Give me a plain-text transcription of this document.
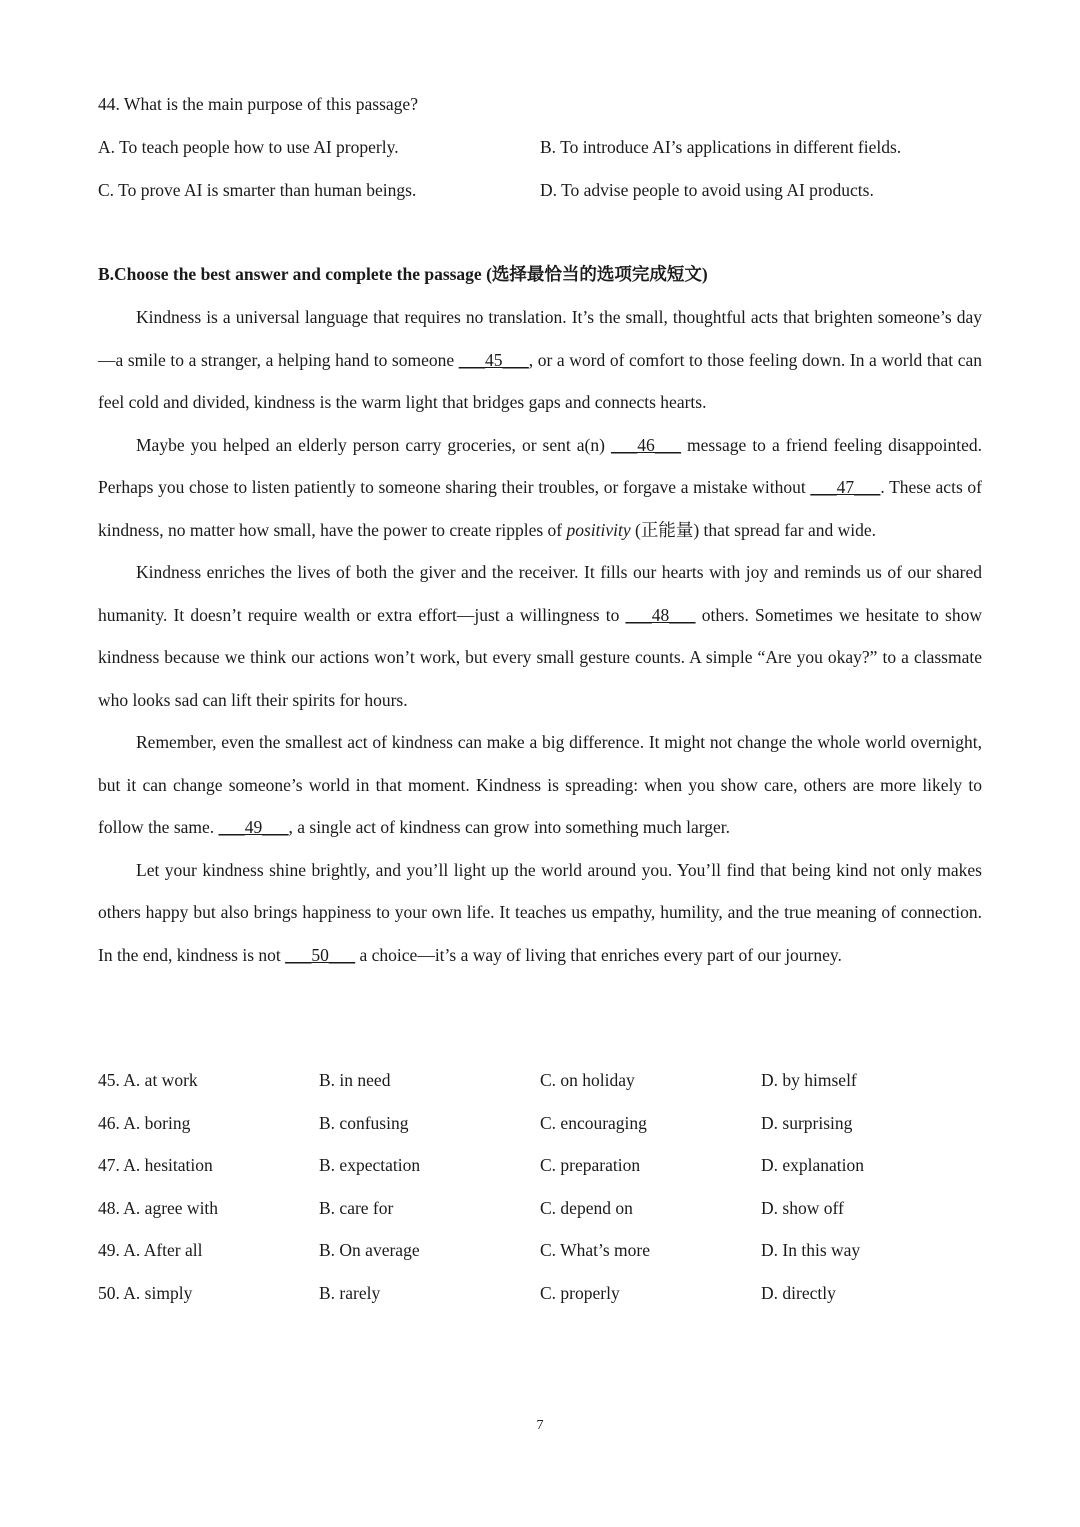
44. What is the main purpose of this passage?
A. To teach people how to use AI properly.	B. To introduce AI’s applications in different fields.
C. To prove AI is smarter than human beings.	D. To advise people to avoid using AI products.
B.Choose the best answer and complete the passage (选择最恰当的选项完成短文)

Kindness is a universal language that requires no translation. It’s the small, thoughtful acts that brighten someone’s day—a smile to a stranger, a helping hand to someone ___45___, or a word of comfort to those feeling down. In a world that can feel cold and divided, kindness is the warm light that bridges gaps and connects hearts.

Maybe you helped an elderly person carry groceries, or sent a(n) ___46___ message to a friend feeling disappointed. Perhaps you chose to listen patiently to someone sharing their troubles, or forgave a mistake without ___47___. These acts of kindness, no matter how small, have the power to create ripples of positivity (正能量) that spread far and wide.

Kindness enriches the lives of both the giver and the receiver. It fills our hearts with joy and reminds us of our shared humanity. It doesn’t require wealth or extra effort—just a willingness to ___48___ others. Sometimes we hesitate to show kindness because we think our actions won’t work, but every small gesture counts. A simple “Are you okay?” to a classmate who looks sad can lift their spirits for hours.

Remember, even the smallest act of kindness can make a big difference. It might not change the whole world overnight, but it can change someone’s world in that moment. Kindness is spreading: when you show care, others are more likely to follow the same. ___49___, a single act of kindness can grow into something much larger.

Let your kindness shine brightly, and you’ll light up the world around you. You’ll find that being kind not only makes others happy but also brings happiness to your own life. It teaches us empathy, humility, and the true meaning of connection. In the end, kindness is not ___50___ a choice—it’s a way of living that enriches every part of our journey.

45. A. at work	B. in need	C. on holiday	D. by himself
46. A. boring	B. confusing	C. encouraging	D. surprising
47. A. hesitation	B. expectation	C. preparation	D. explanation
48. A. agree with	B. care for	C. depend on	D. show off
49. A. After all	B. On average	C. What’s more	D. In this way
50. A. simply	B. rarely	C. properly	D. directly
7
